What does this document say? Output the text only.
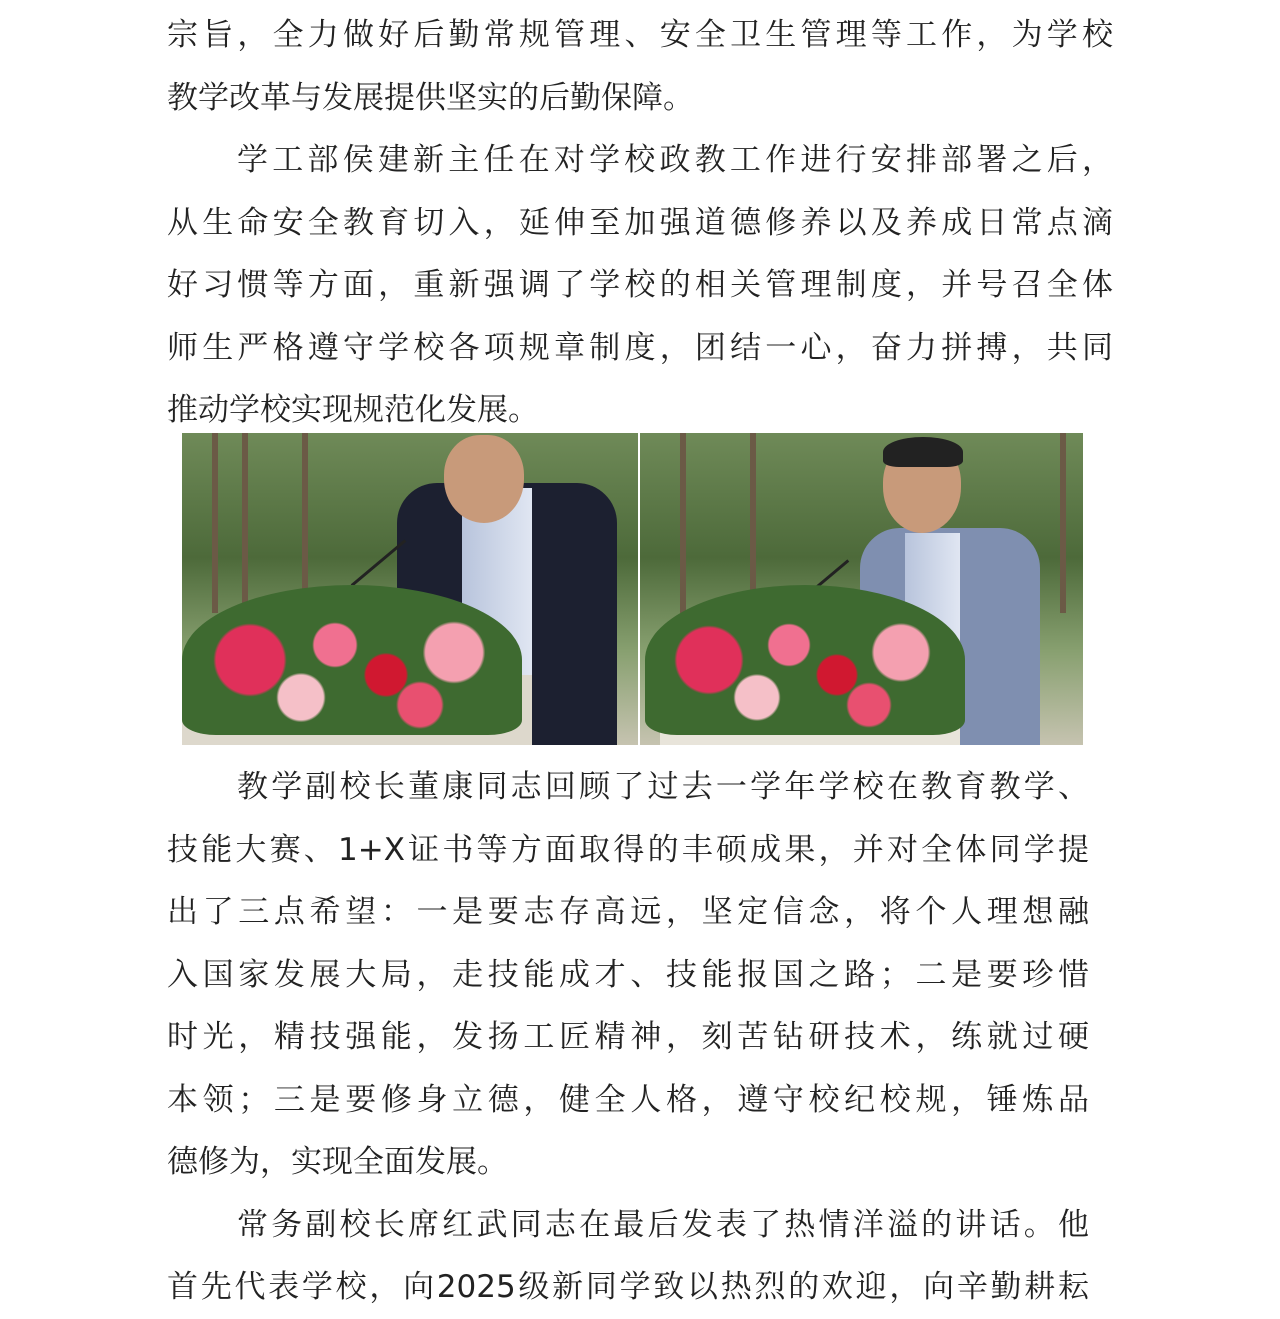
宗旨，全力做好后勤常规管理、安全卫生管理等工作，为学校
教学改革与发展提供坚实的后勤保障。
学工部侯建新主任在对学校政教工作进行安排部署之后，
从生命安全教育切入，延伸至加强道德修养以及养成日常点滴
好习惯等方面，重新强调了学校的相关管理制度，并号召全体
师生严格遵守学校各项规章制度，团结一心，奋力拼搏，共同
推动学校实现规范化发展。
教学副校长董康同志回顾了过去一学年学校在教育教学、
技能大赛、1+X证书等方面取得的丰硕成果，并对全体同学提
出了三点希望：一是要志存高远，坚定信念，将个人理想融
入国家发展大局，走技能成才、技能报国之路；二是要珍惜
时光，精技强能，发扬工匠精神，刻苦钻研技术，练就过硬
本领；三是要修身立德，健全人格，遵守校纪校规，锤炼品
德修为，实现全面发展。
常务副校长席红武同志在最后发表了热情洋溢的讲话。他
首先代表学校，向2025级新同学致以热烈的欢迎，向辛勤耕耘
